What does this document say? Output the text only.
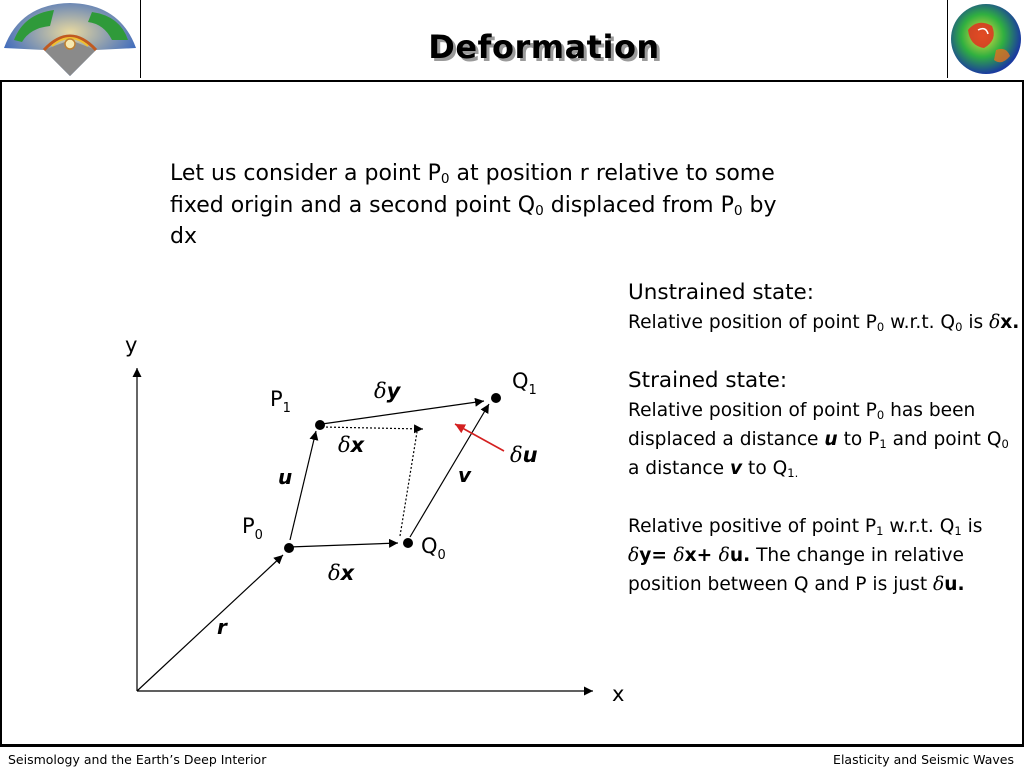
Deformation
Let us consider a point $P_0$ at position r relative to some fixed origin and a second point $Q_0$ displaced from $P_0$ by dx
y
x
$P_1$
$Q_1$
$P_0$	$Q_0$
δy
δx
δx
δu
u	v
r
Unstrained state:
Relative position of point $P_0$ w.r.t. $Q_0$ is δx.
Strained state:
Relative position of point $P_0$ has been displaced a distance u to $P_1$ and point $Q_0$ a distance v to $Q_{1.}$
Relative positive of point $P_1$ w.r.t. $Q_1$ is δy= δx+ δu. The change in relative position between Q and P is just δu.
Seismology and the Earth’s Deep Interior	Elasticity and Seismic Waves
